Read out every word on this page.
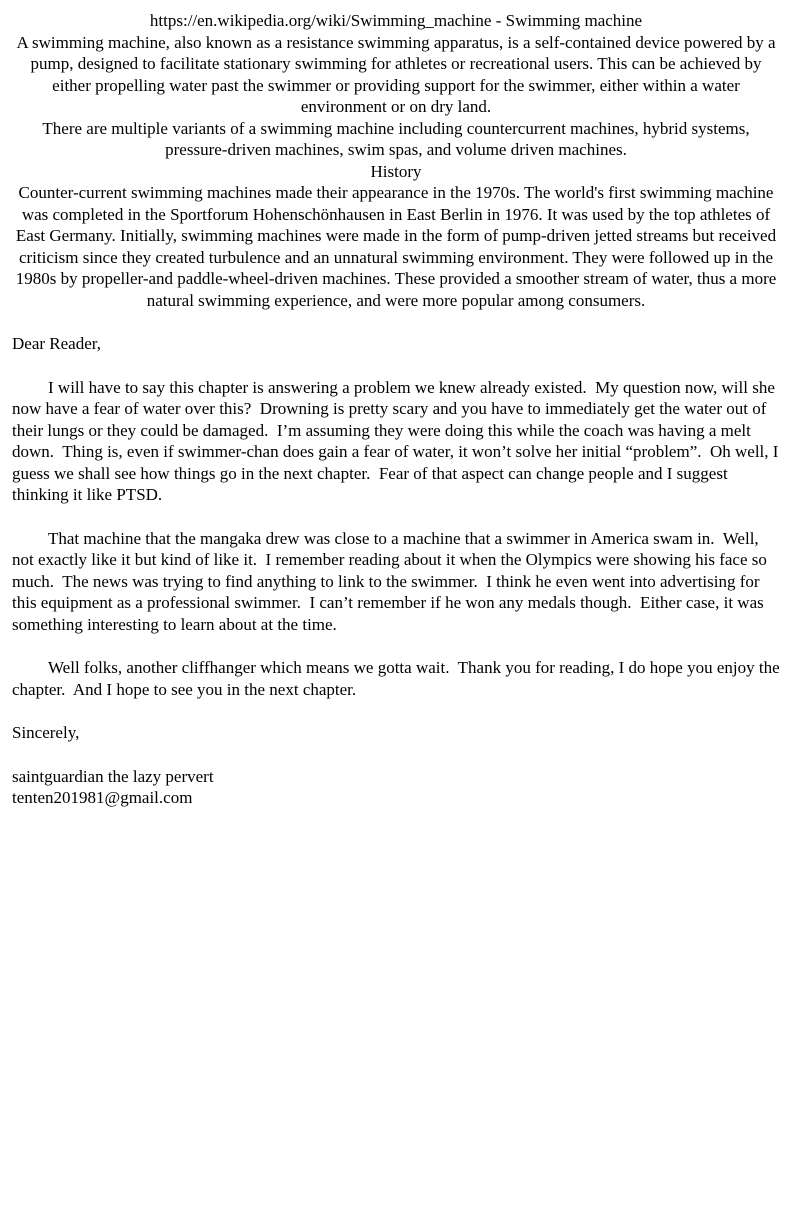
https://en.wikipedia.org/wiki/Swimming_machine - Swimming machine

A swimming machine, also known as a resistance swimming apparatus, is a self-contained device powered by a pump, designed to facilitate stationary swimming for athletes or recreational users. This can be achieved by either propelling water past the swimmer or providing support for the swimmer, either within a water environment or on dry land.

There are multiple variants of a swimming machine including countercurrent machines, hybrid systems, pressure-driven machines, swim spas, and volume driven machines.

History

Counter-current swimming machines made their appearance in the 1970s. The world's first swimming machine was completed in the Sportforum Hohenschönhausen in East Berlin in 1976. It was used by the top athletes of East Germany. Initially, swimming machines were made in the form of pump-driven jetted streams but received criticism since they created turbulence and an unnatural swimming environment. They were followed up in the 1980s by propeller-and paddle-wheel-driven machines. These provided a smoother stream of water, thus a more natural swimming experience, and were more popular among consumers.

Dear Reader,

I will have to say this chapter is answering a problem we knew already existed.  My question now, will she now have a fear of water over this?  Drowning is pretty scary and you have to immediately get the water out of their lungs or they could be damaged.  I’m assuming they were doing this while the coach was having a melt down.  Thing is, even if swimmer-chan does gain a fear of water, it won’t solve her initial “problem”.  Oh well, I guess we shall see how things go in the next chapter.  Fear of that aspect can change people and I suggest thinking it like PTSD.

That machine that the mangaka drew was close to a machine that a swimmer in America swam in.  Well, not exactly like it but kind of like it.  I remember reading about it when the Olympics were showing his face so much.  The news was trying to find anything to link to the swimmer.  I think he even went into advertising for this equipment as a professional swimmer.  I can’t remember if he won any medals though.  Either case, it was something interesting to learn about at the time.

Well folks, another cliffhanger which means we gotta wait.  Thank you for reading, I do hope you enjoy the chapter.  And I hope to see you in the next chapter.

Sincerely,

saintguardian the lazy pervert

tenten201981@gmail.com
